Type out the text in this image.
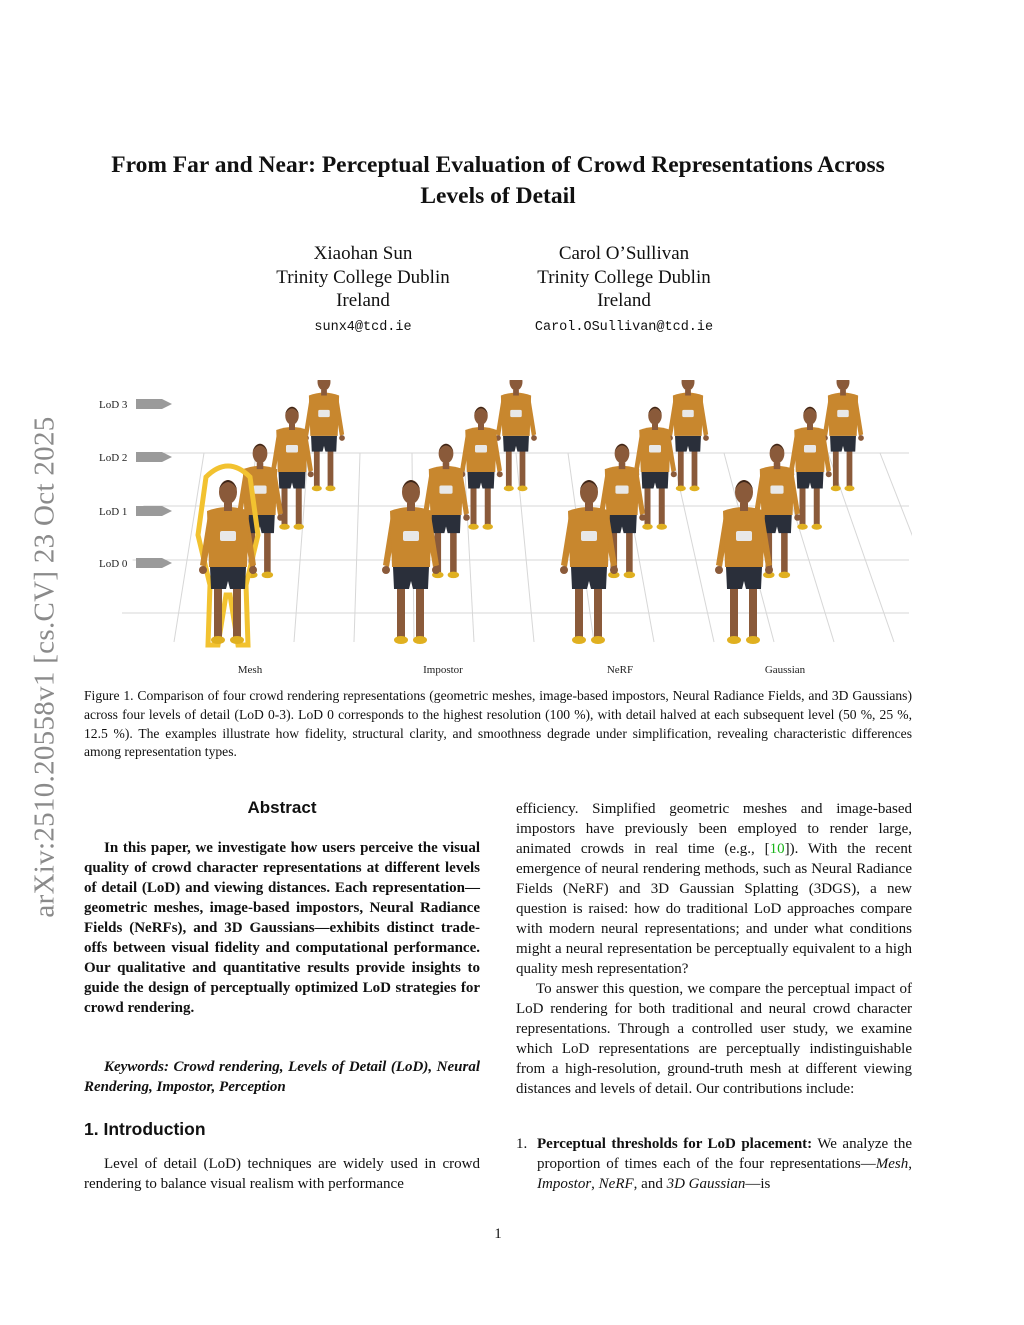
From Far and Near: Perceptual Evaluation of Crowd Representations Across
Levels of Detail
Xiaohan Sun
Trinity College Dublin
Ireland
sunx4@tcd.ie
Carol O’Sullivan
Trinity College Dublin
Ireland
Carol.OSullivan@tcd.ie
arXiv:2510.20558v1 [cs.CV] 23 Oct 2025
LoD 3
LoD 2
LoD 1
LoD 0
Mesh	Impostor	NeRF	Gaussian
Figure 1. Comparison of four crowd rendering representations (geometric meshes, image-based impostors, Neural Radiance Fields, and 3D Gaussians) across four levels of detail (LoD 0-3). LoD 0 corresponds to the highest resolution (100 %), with detail halved at each subsequent level (50 %, 25 %, 12.5 %). The examples illustrate how fidelity, structural clarity, and smoothness degrade under simplification, revealing characteristic differences among representation types.
Abstract
In this paper, we investigate how users perceive the visual quality of crowd character representations at different levels of detail (LoD) and viewing distances. Each representation—geometric meshes, image-based impostors, Neural Radiance Fields (NeRFs), and 3D Gaussians—exhibits distinct trade-offs between visual fidelity and computational performance. Our qualitative and quantitative results provide insights to guide the design of perceptually optimized LoD strategies for crowd rendering.
Keywords: Crowd rendering, Levels of Detail (LoD), Neural Rendering, Impostor, Perception
1. Introduction
Level of detail (LoD) techniques are widely used in crowd rendering to balance visual realism with performance

efficiency. Simplified geometric meshes and image-based impostors have previously been employed to render large, animated crowds in real time (e.g., [10]). With the recent emergence of neural rendering methods, such as Neural Radiance Fields (NeRF) and 3D Gaussian Splatting (3DGS), a new question is raised: how do traditional LoD approaches compare with modern neural representations; and under what conditions might a neural representation be perceptually equivalent to a high quality mesh representation?

To answer this question, we compare the perceptual impact of LoD rendering for both traditional and neural crowd character representations. Through a controlled user study, we examine which LoD representations are perceptually indistinguishable from a high-resolution, ground-truth mesh at different viewing distances and levels of detail. Our contributions include:

1. Perceptual thresholds for LoD placement: We analyze the proportion of times each of the four representations—Mesh, Impostor, NeRF, and 3D Gaussian—is
1
